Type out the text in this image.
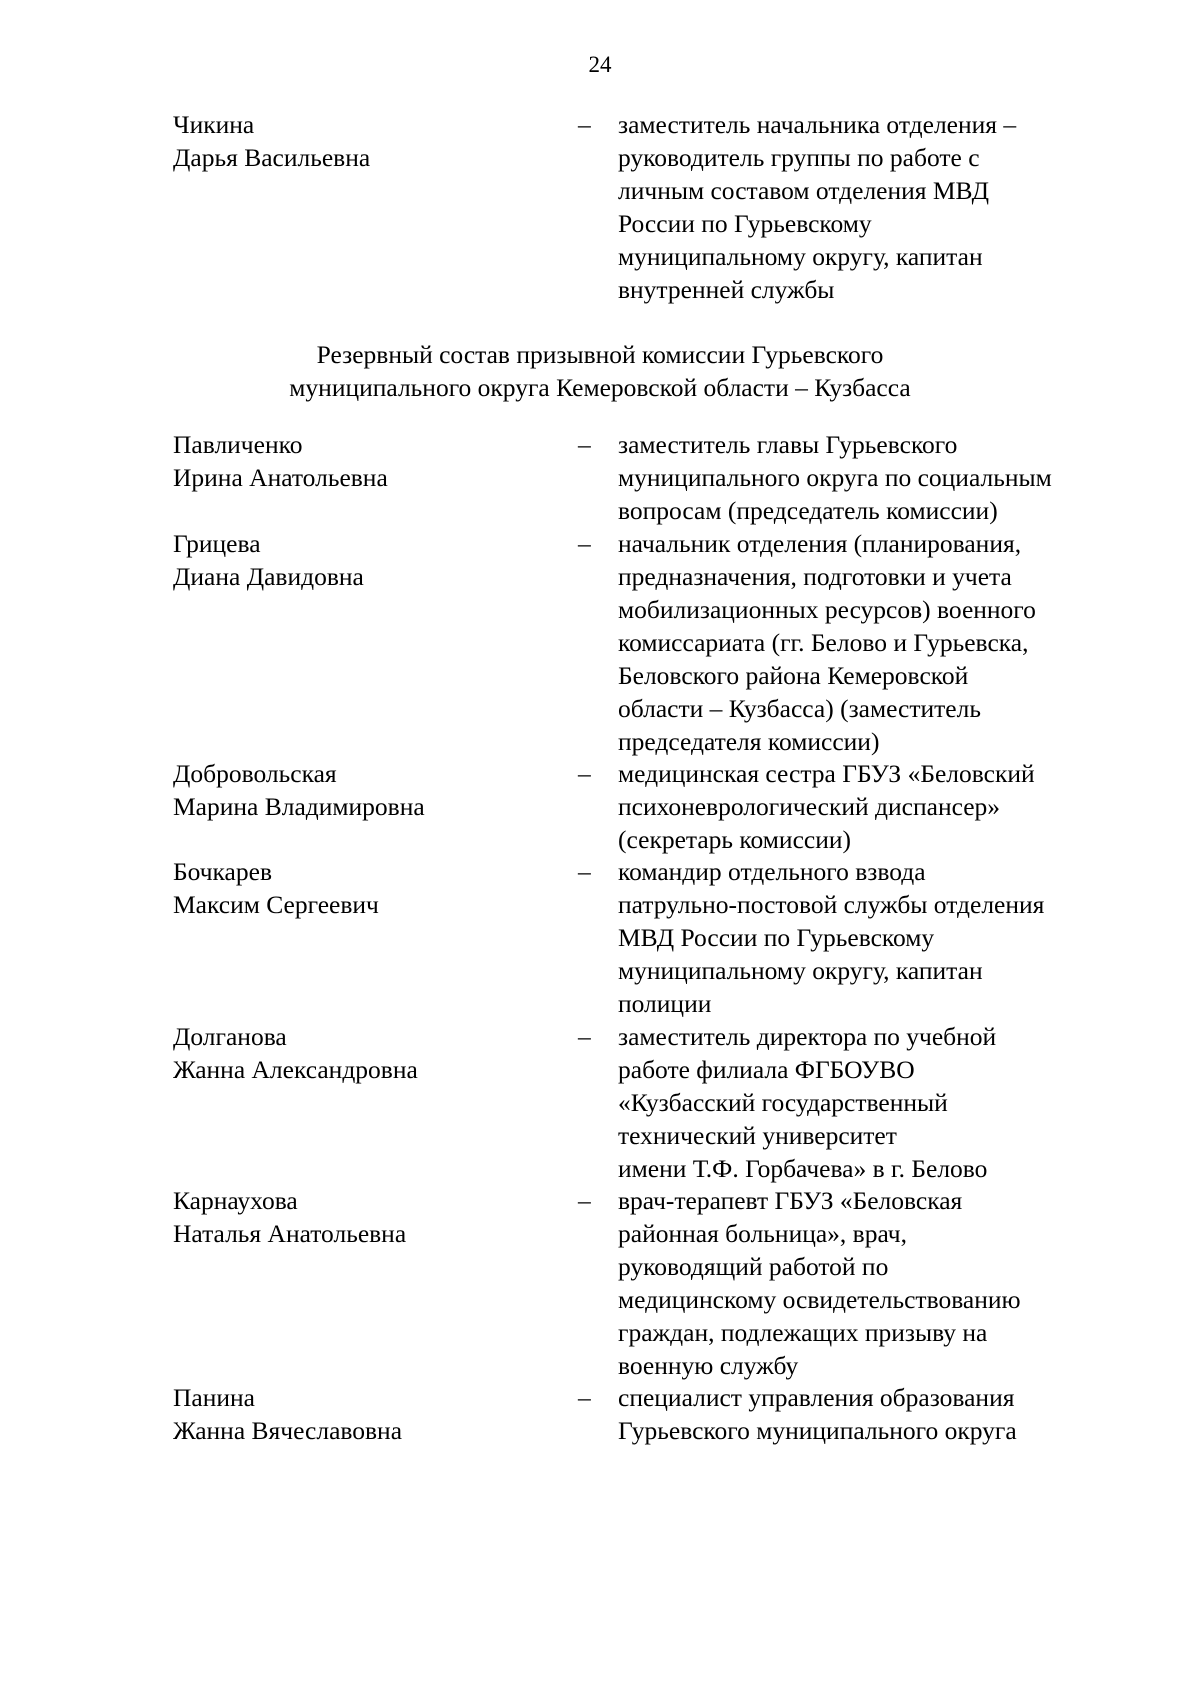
24
Чикина
Дарья Васильевна
– заместитель начальника отделения –
руководитель группы по работе с
личным составом отделения МВД
России по Гурьевскому
муниципальному округу, капитан
внутренней службы
Резервный состав призывной комиссии Гурьевского
муниципального округа Кемеровской области – Кузбасса
Павличенко
Ирина Анатольевна
– заместитель главы Гурьевского
муниципального округа по социальным
вопросам (председатель комиссии)
Грицева
Диана Давидовна
– начальник отделения (планирования,
предназначения, подготовки и учета
мобилизационных ресурсов) военного
комиссариата (гг. Белово и Гурьевска,
Беловского района Кемеровской
области – Кузбасса) (заместитель
председателя комиссии)
Добровольская
Марина Владимировна
– медицинская сестра ГБУЗ «Беловский
психоневрологический диспансер»
(секретарь комиссии)
Бочкарев
Максим Сергеевич
– командир отдельного взвода
патрульно-постовой службы отделения
МВД России по Гурьевскому
муниципальному округу, капитан
полиции
Долганова
Жанна Александровна
– заместитель директора по учебной
работе филиала ФГБОУВО
«Кузбасский государственный
технический университет
имени Т.Ф. Горбачева» в г. Белово
Карнаухова
Наталья Анатольевна
– врач-терапевт ГБУЗ «Беловская
районная больница», врач,
руководящий работой по
медицинскому освидетельствованию
граждан, подлежащих призыву на
военную службу
Панина
Жанна Вячеславовна
– специалист управления образования
Гурьевского муниципального округа
